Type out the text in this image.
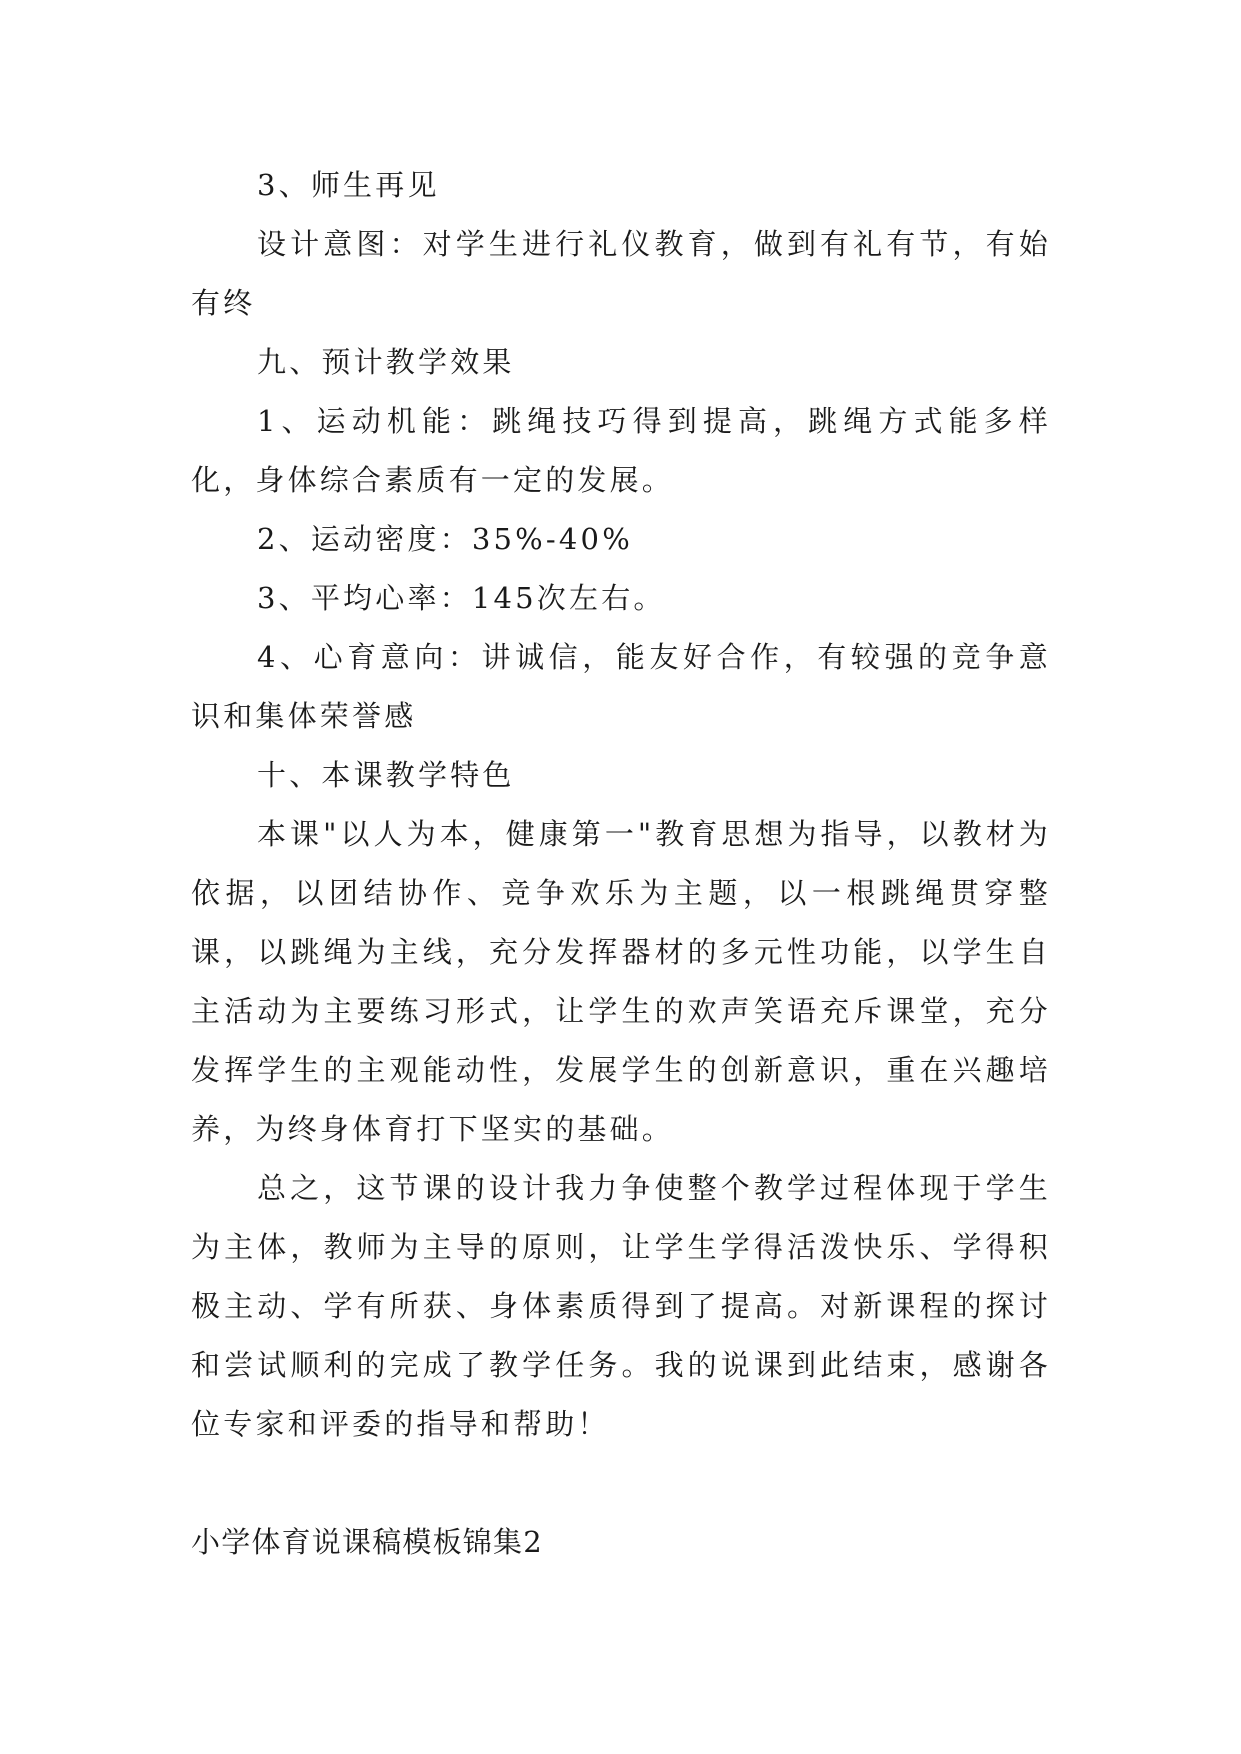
3、师生再见

设计意图：对学生进行礼仪教育，做到有礼有节，有始有终

九、预计教学效果

1、运动机能：跳绳技巧得到提高，跳绳方式能多样化，身体综合素质有一定的发展。

2、运动密度：35%-40%

3、平均心率：145次左右。

4、心育意向：讲诚信，能友好合作，有较强的竞争意识和集体荣誉感

十、本课教学特色

本课"以人为本，健康第一"教育思想为指导，以教材为依据，以团结协作、竞争欢乐为主题，以一根跳绳贯穿整课，以跳绳为主线，充分发挥器材的多元性功能，以学生自主活动为主要练习形式，让学生的欢声笑语充斥课堂，充分发挥学生的主观能动性，发展学生的创新意识，重在兴趣培养，为终身体育打下坚实的基础。

总之，这节课的设计我力争使整个教学过程体现于学生为主体，教师为主导的原则，让学生学得活泼快乐、学得积极主动、学有所获、身体素质得到了提高。对新课程的探讨和尝试顺利的完成了教学任务。我的说课到此结束，感谢各位专家和评委的指导和帮助！

小学体育说课稿模板锦集2
